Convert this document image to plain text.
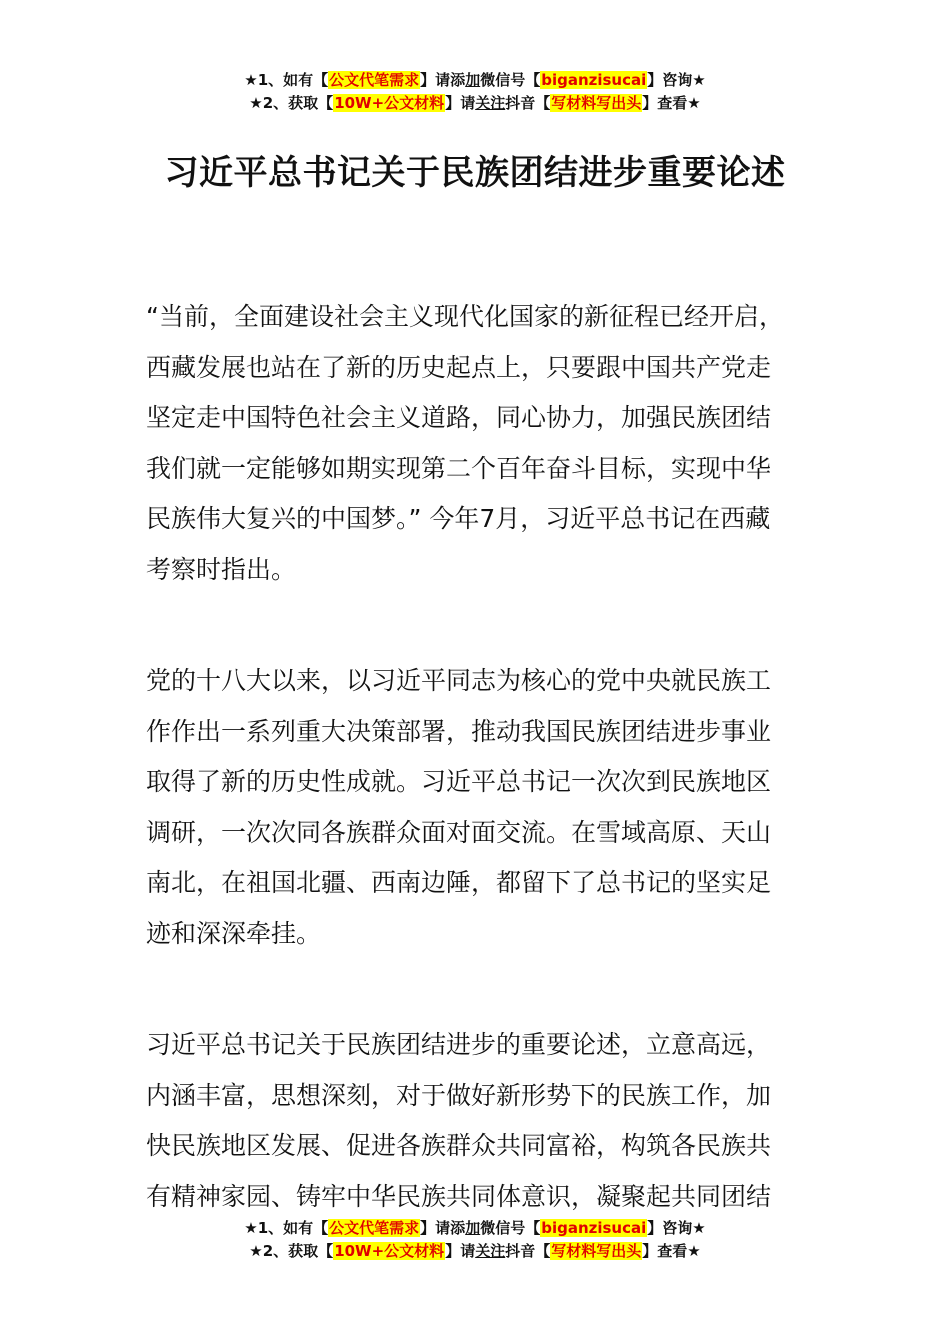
★1、如有【公文代笔需求】请添加微信号【biganzisucai】咨询★
★2、获取【10W+公文材料】请关注抖音【写材料写出头】查看★
习近平总书记关于民族团结进步重要论述
“当前，全面建设社会主义现代化国家的新征程已经开启，
西藏发展也站在了新的历史起点上，只要跟中国共产党走
坚定走中国特色社会主义道路，同心协力，加强民族团结
我们就一定能够如期实现第二个百年奋斗目标，实现中华
民族伟大复兴的中国梦。” 今年7月，习近平总书记在西藏
考察时指出。
党的十八大以来，以习近平同志为核心的党中央就民族工
作作出一系列重大决策部署，推动我国民族团结进步事业
取得了新的历史性成就。习近平总书记一次次到民族地区
调研，一次次同各族群众面对面交流。在雪域高原、天山
南北，在祖国北疆、西南边陲，都留下了总书记的坚实足
迹和深深牵挂。
习近平总书记关于民族团结进步的重要论述，立意高远，
内涵丰富，思想深刻，对于做好新形势下的民族工作，加
快民族地区发展、促进各族群众共同富裕，构筑各民族共
有精神家园、铸牢中华民族共同体意识，凝聚起共同团结
★1、如有【公文代笔需求】请添加微信号【biganzisucai】咨询★
★2、获取【10W+公文材料】请关注抖音【写材料写出头】查看★
